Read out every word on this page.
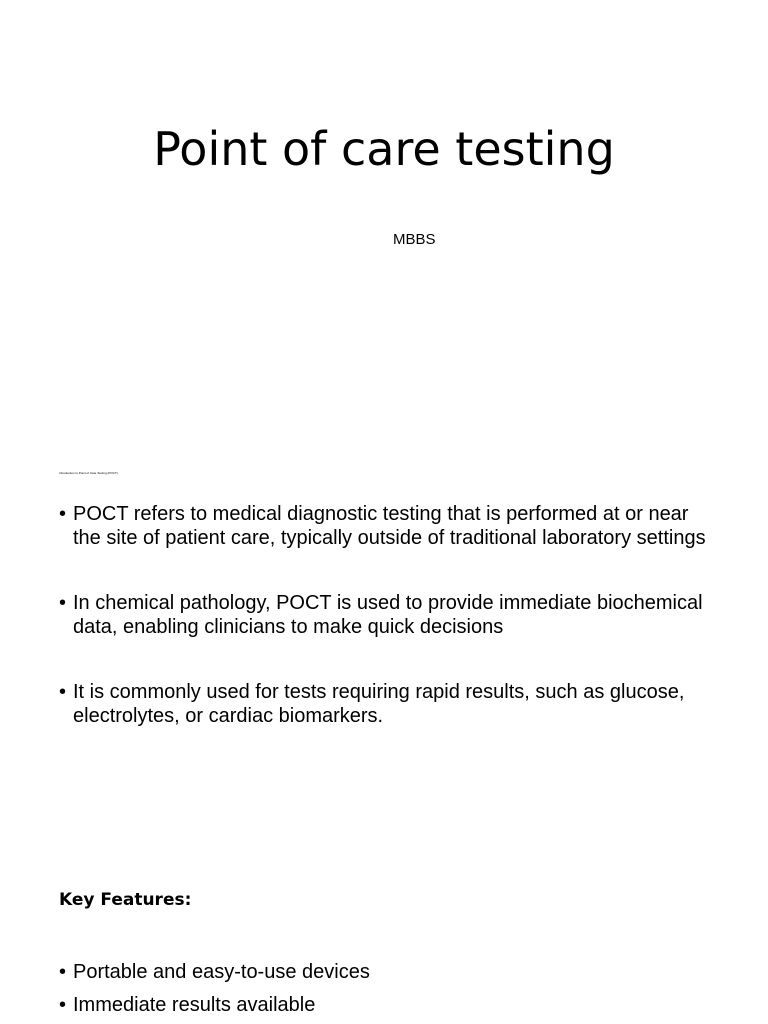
Point of care testing
MBBS
Introduction to Point of Care Testing (POCT)
• POCT refers to medical diagnostic testing that is performed at or near the site of patient care, typically outside of traditional laboratory settings
• In chemical pathology, POCT is used to provide immediate biochemical data, enabling clinicians to make quick decisions
• It is commonly used for tests requiring rapid results, such as glucose, electrolytes, or cardiac biomarkers.
Key Features:
• Portable and easy-to-use devices
• Immediate results available
